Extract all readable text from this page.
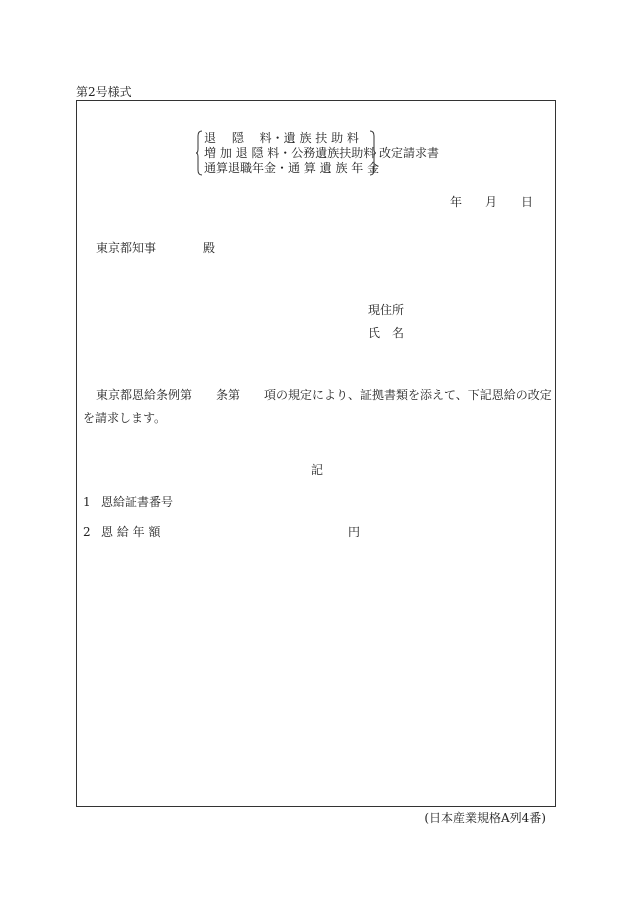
第2号様式
退　 隠　 料・遺 族 扶 助 料
増 加 退 隠 料・公務遺族扶助料
通算退職年金・通 算 遺 族 年 金
改定請求書
年 月 日
東京都知事	殿
現住所
氏　名
東京都恩給条例第　　条第　　項の規定により、証拠書類を添えて、下記恩給の改定
を請求します。
記
1 恩給証書番号
2 恩 給 年 額	円
(日本産業規格A列4番)
